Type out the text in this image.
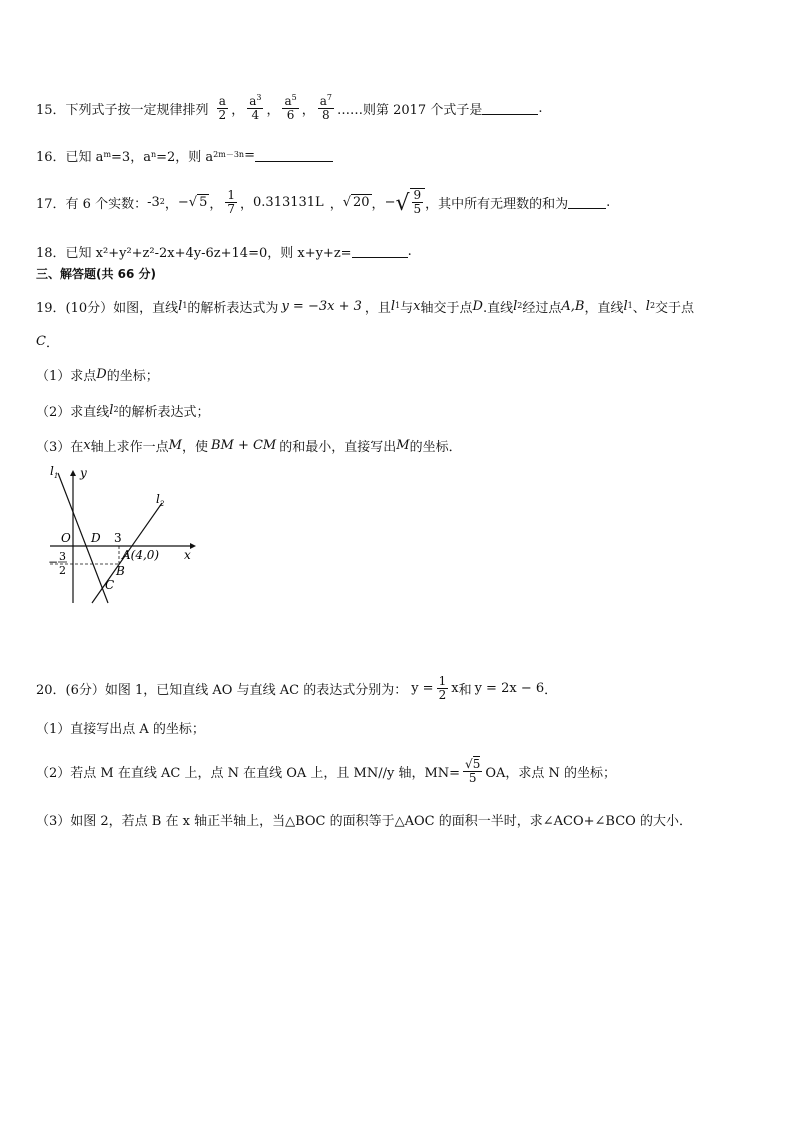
15．下列式子按一定规律排列 $\frac{a}{2}$ ， $\frac{a^3}{4}$ ， $\frac{a^5}{6}$ ， $\frac{a^7}{8}$ ……则第 2017 个式子是	.
16．已知 a m =3，a n =2，则 a 2m－3n =
17．有 6 个实数： -3 2 ， − √ 5 ， $\frac{1}{7}$ ， 0.313131L ， √ 20 ， − √ $\frac{9}{5}$ ，其中所有无理数的和为	.
18．已知 x²+y²+z²-2x+4y-6z+14=0，则 x+y+z=	.
三、解答题(共 66 分)
19．(10分）如图，直线 l 1 的解析表达式为 y = −3x + 3 ，且 l 1 与 x 轴交于点 D .直线 l 2 经过点 A,B ，直线 l 1 、 l 2 交于点
C ．
（1）求点 D 的坐标；
（2）求直线 l 2 的解析表达式；
（3）在 x 轴上求作一点 M ，使 BM + CM 的和最小，直接写出 M 的坐标．
$l_1$ y
$l_2$
O D 3
A(4,0) x
− 3
2	B
C
20．(6分）如图 1，已知直线 AO 与直线 AC 的表达式分别为： $y = \frac{1}{2}$ x 和 y = 2x − 6 ．
（1）直接写出点 A 的坐标；
（2）若点 M 在直线 AC 上，点 N 在直线 OA 上，且 MN//y 轴，$MN= \frac{√5}{5}$ OA，求点 N 的坐标；
（3）如图 2，若点 B 在 x 轴正半轴上，当△BOC 的面积等于△AOC 的面积一半时，求∠ACO+∠BCO 的大小．
